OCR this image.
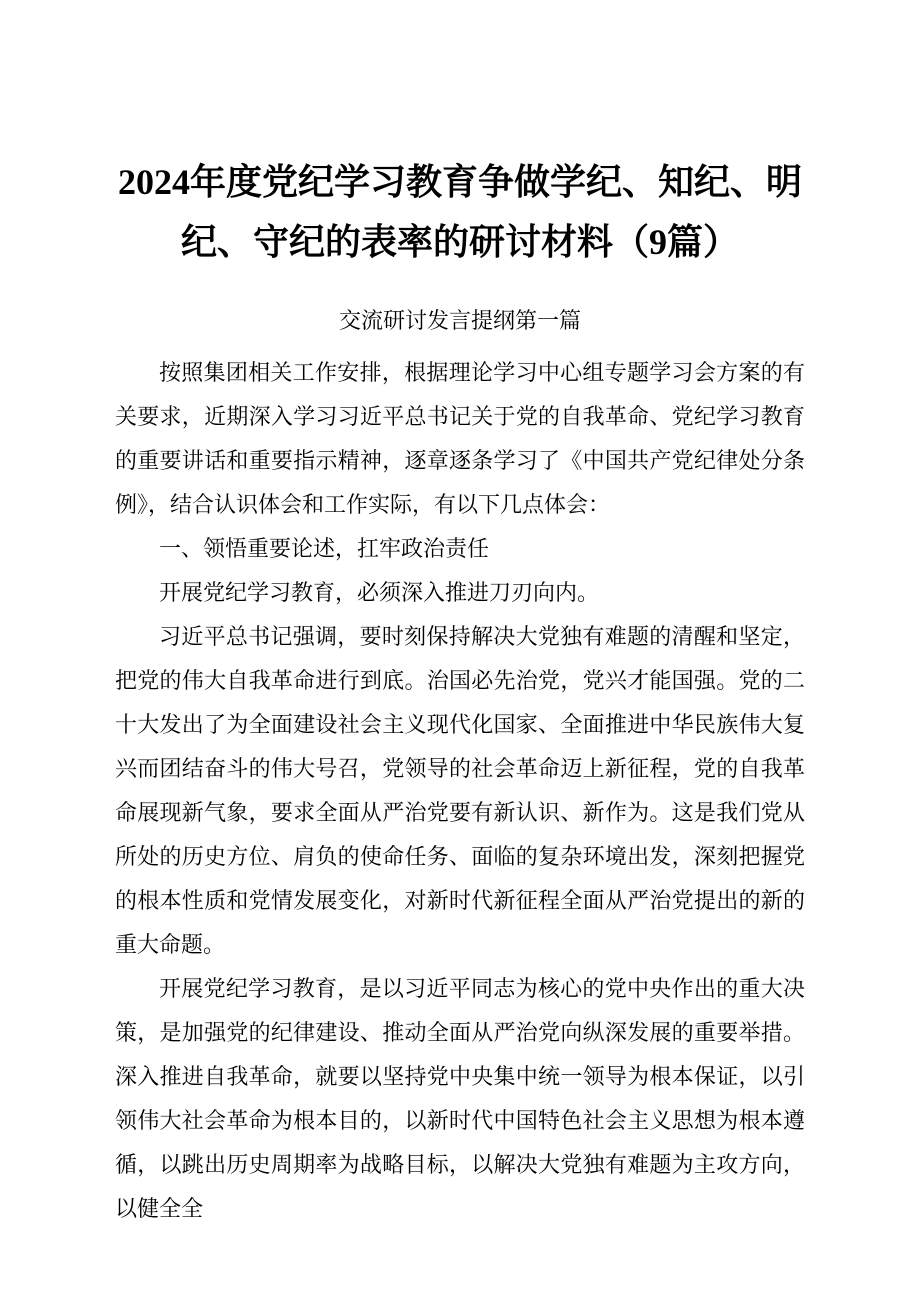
2024年度党纪学习教育争做学纪、知纪、明纪、守纪的表率的研讨材料（9篇）
交流研讨发言提纲第一篇

按照集团相关工作安排，根据理论学习中心组专题学习会方案的有关要求，近期深入学习习近平总书记关于党的自我革命、党纪学习教育的重要讲话和重要指示精神，逐章逐条学习了《中国共产党纪律处分条例》，结合认识体会和工作实际，有以下几点体会：

一、领悟重要论述，扛牢政治责任

开展党纪学习教育，必须深入推进刀刃向内。

习近平总书记强调，要时刻保持解决大党独有难题的清醒和坚定，把党的伟大自我革命进行到底。治国必先治党，党兴才能国强。党的二十大发出了为全面建设社会主义现代化国家、全面推进中华民族伟大复兴而团结奋斗的伟大号召，党领导的社会革命迈上新征程，党的自我革命展现新气象，要求全面从严治党要有新认识、新作为。这是我们党从所处的历史方位、肩负的使命任务、面临的复杂环境出发，深刻把握党的根本性质和党情发展变化，对新时代新征程全面从严治党提出的新的重大命题。

开展党纪学习教育，是以习近平同志为核心的党中央作出的重大决策，是加强党的纪律建设、推动全面从严治党向纵深发展的重要举措。深入推进自我革命，就要以坚持党中央集中统一领导为根本保证，以引领伟大社会革命为根本目的，以新时代中国特色社会主义思想为根本遵循，以跳出历史周期率为战略目标，以解决大党独有难题为主攻方向，以健全全
